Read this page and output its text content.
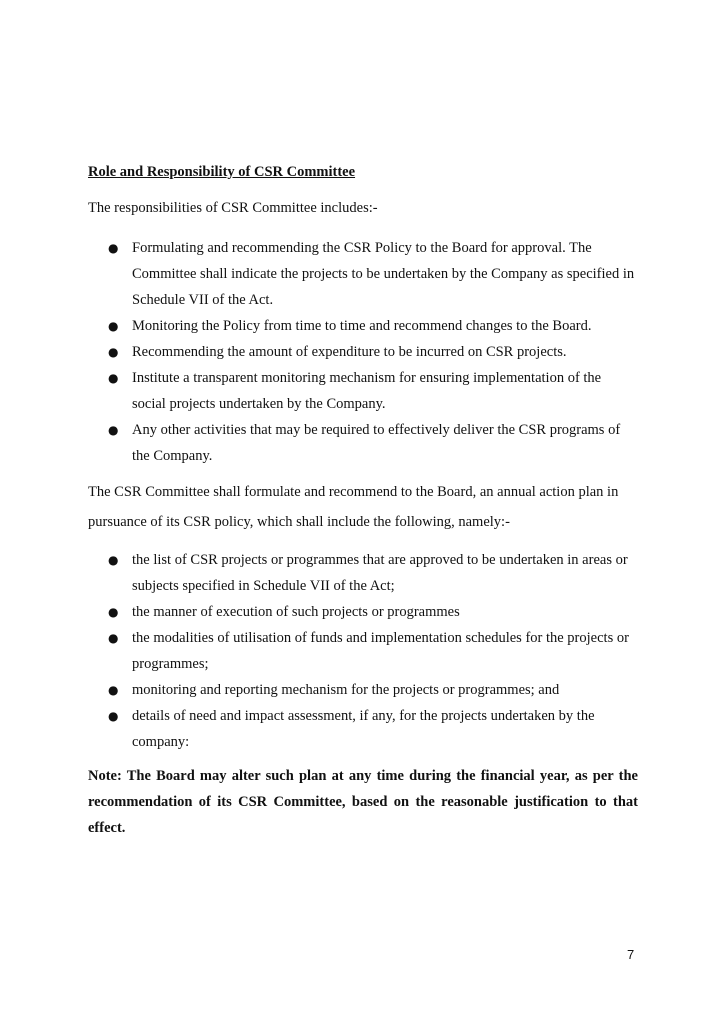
Role and Responsibility of CSR Committee
The responsibilities of CSR Committee includes:-
● Formulating and recommending the CSR Policy to the Board for approval. The Committee shall indicate the projects to be undertaken by the Company as specified in Schedule VII of the Act.
● Monitoring the Policy from time to time and recommend changes to the Board.
● Recommending the amount of expenditure to be incurred on CSR projects.
● Institute a transparent monitoring mechanism for ensuring implementation of the social projects undertaken by the Company.
● Any other activities that may be required to effectively deliver the CSR programs of the Company.
The CSR Committee shall formulate and recommend to the Board, an annual action plan in pursuance of its CSR policy, which shall include the following, namely:-
● the list of CSR projects or programmes that are approved to be undertaken in areas or subjects specified in Schedule VII of the Act;
● the manner of execution of such projects or programmes
● the modalities of utilisation of funds and implementation schedules for the projects or programmes;
● monitoring and reporting mechanism for the projects or programmes; and
● details of need and impact assessment, if any, for the projects undertaken by the company:
Note: The Board may alter such plan at any time during the financial year, as per the recommendation of its CSR Committee, based on the reasonable justification to that effect.
7
